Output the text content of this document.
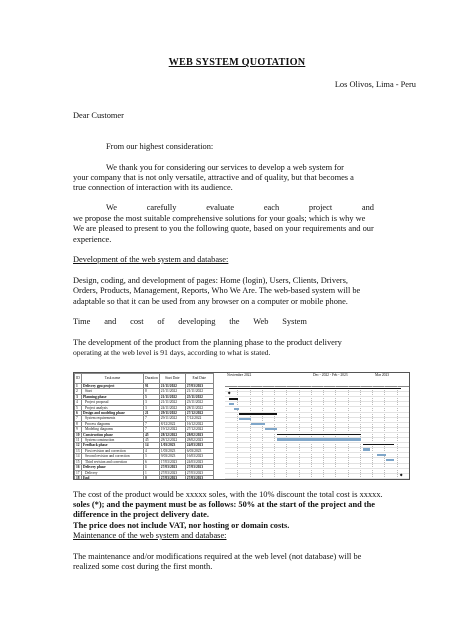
WEB SYSTEM QUOTATION
Los Olivos, Lima - Peru
Dear Customer
From our highest consideration:
We thank you for considering our services to develop a web system for
your company that is not only versatile, attractive and of quality, but that becomes a
true connection of interaction with its audience.
We	carefully	evaluate	each	project	and
we propose the most suitable comprehensive solutions for your goals; which is why we
We are pleased to present to you the following quote, based on your requirements and our
experience.
Development of the web system and database:
Design, coding, and development of pages: Home (login), Users, Clients, Drivers,
Orders, Products, Management, Reports, Who We Are. The web-based system will be
adaptable so that it can be used from any browser on a computer or mobile phone.
Time and cost of developing the Web System
The development of the product from the planning phase to the product delivery
operating at the web level is 91 days, according to what is stated.
ID	Task name	Duration	Start Date	End Date
1	Delivery gpu project	91	21/11/2022	27/03/2023
2	Start	0	21/11/2022	21/11/2022
3	Planning phase	5	21/11/2022	25/11/2022
4	Project proposal	3	21/11/2022	23/11/2022
5	Project analysis	3	24/11/2022	28/11/2022
6	Design and modeling phase	21	29/11/2022	27/12/2022
7	System requirements	7	29/11/2022	7/12/2022
8	Process diagrams	7	8/12/2022	16/12/2022
9	Modeling diagrams	7	19/12/2022	27/12/2022
10	Construction phase	45	28/12/2022	28/02/2023
11	System construction	45	28/12/2022	28/02/2023
12	Feedback phase	14	1/03/2023	24/03/2023
13	First revision and correction	4	1/03/2023	6/03/2023
14	Second revision and correction	5	9/03/2023	16/03/2023
15	Third revision and correction	6	17/03/2023	24/03/2023
16	Delivery phase	1	27/03/2023	27/03/2023
17	Delivery	1	27/03/2023	27/03/2023
18	End	0	27/03/2023	27/03/2023
Noviembre 2022	Dec - 2022 - Feb - 2023	Mar 2023
The cost of the product would be xxxxx soles, with the 10% discount the total cost is xxxxx.
soles (*); and the payment must be as follows: 50% at the start of the project and the
difference in the project delivery date.
The price does not include VAT, nor hosting or domain costs.
Maintenance of the web system and database:
The maintenance and/or modifications required at the web level (not database) will be
realized some cost during the first month.
